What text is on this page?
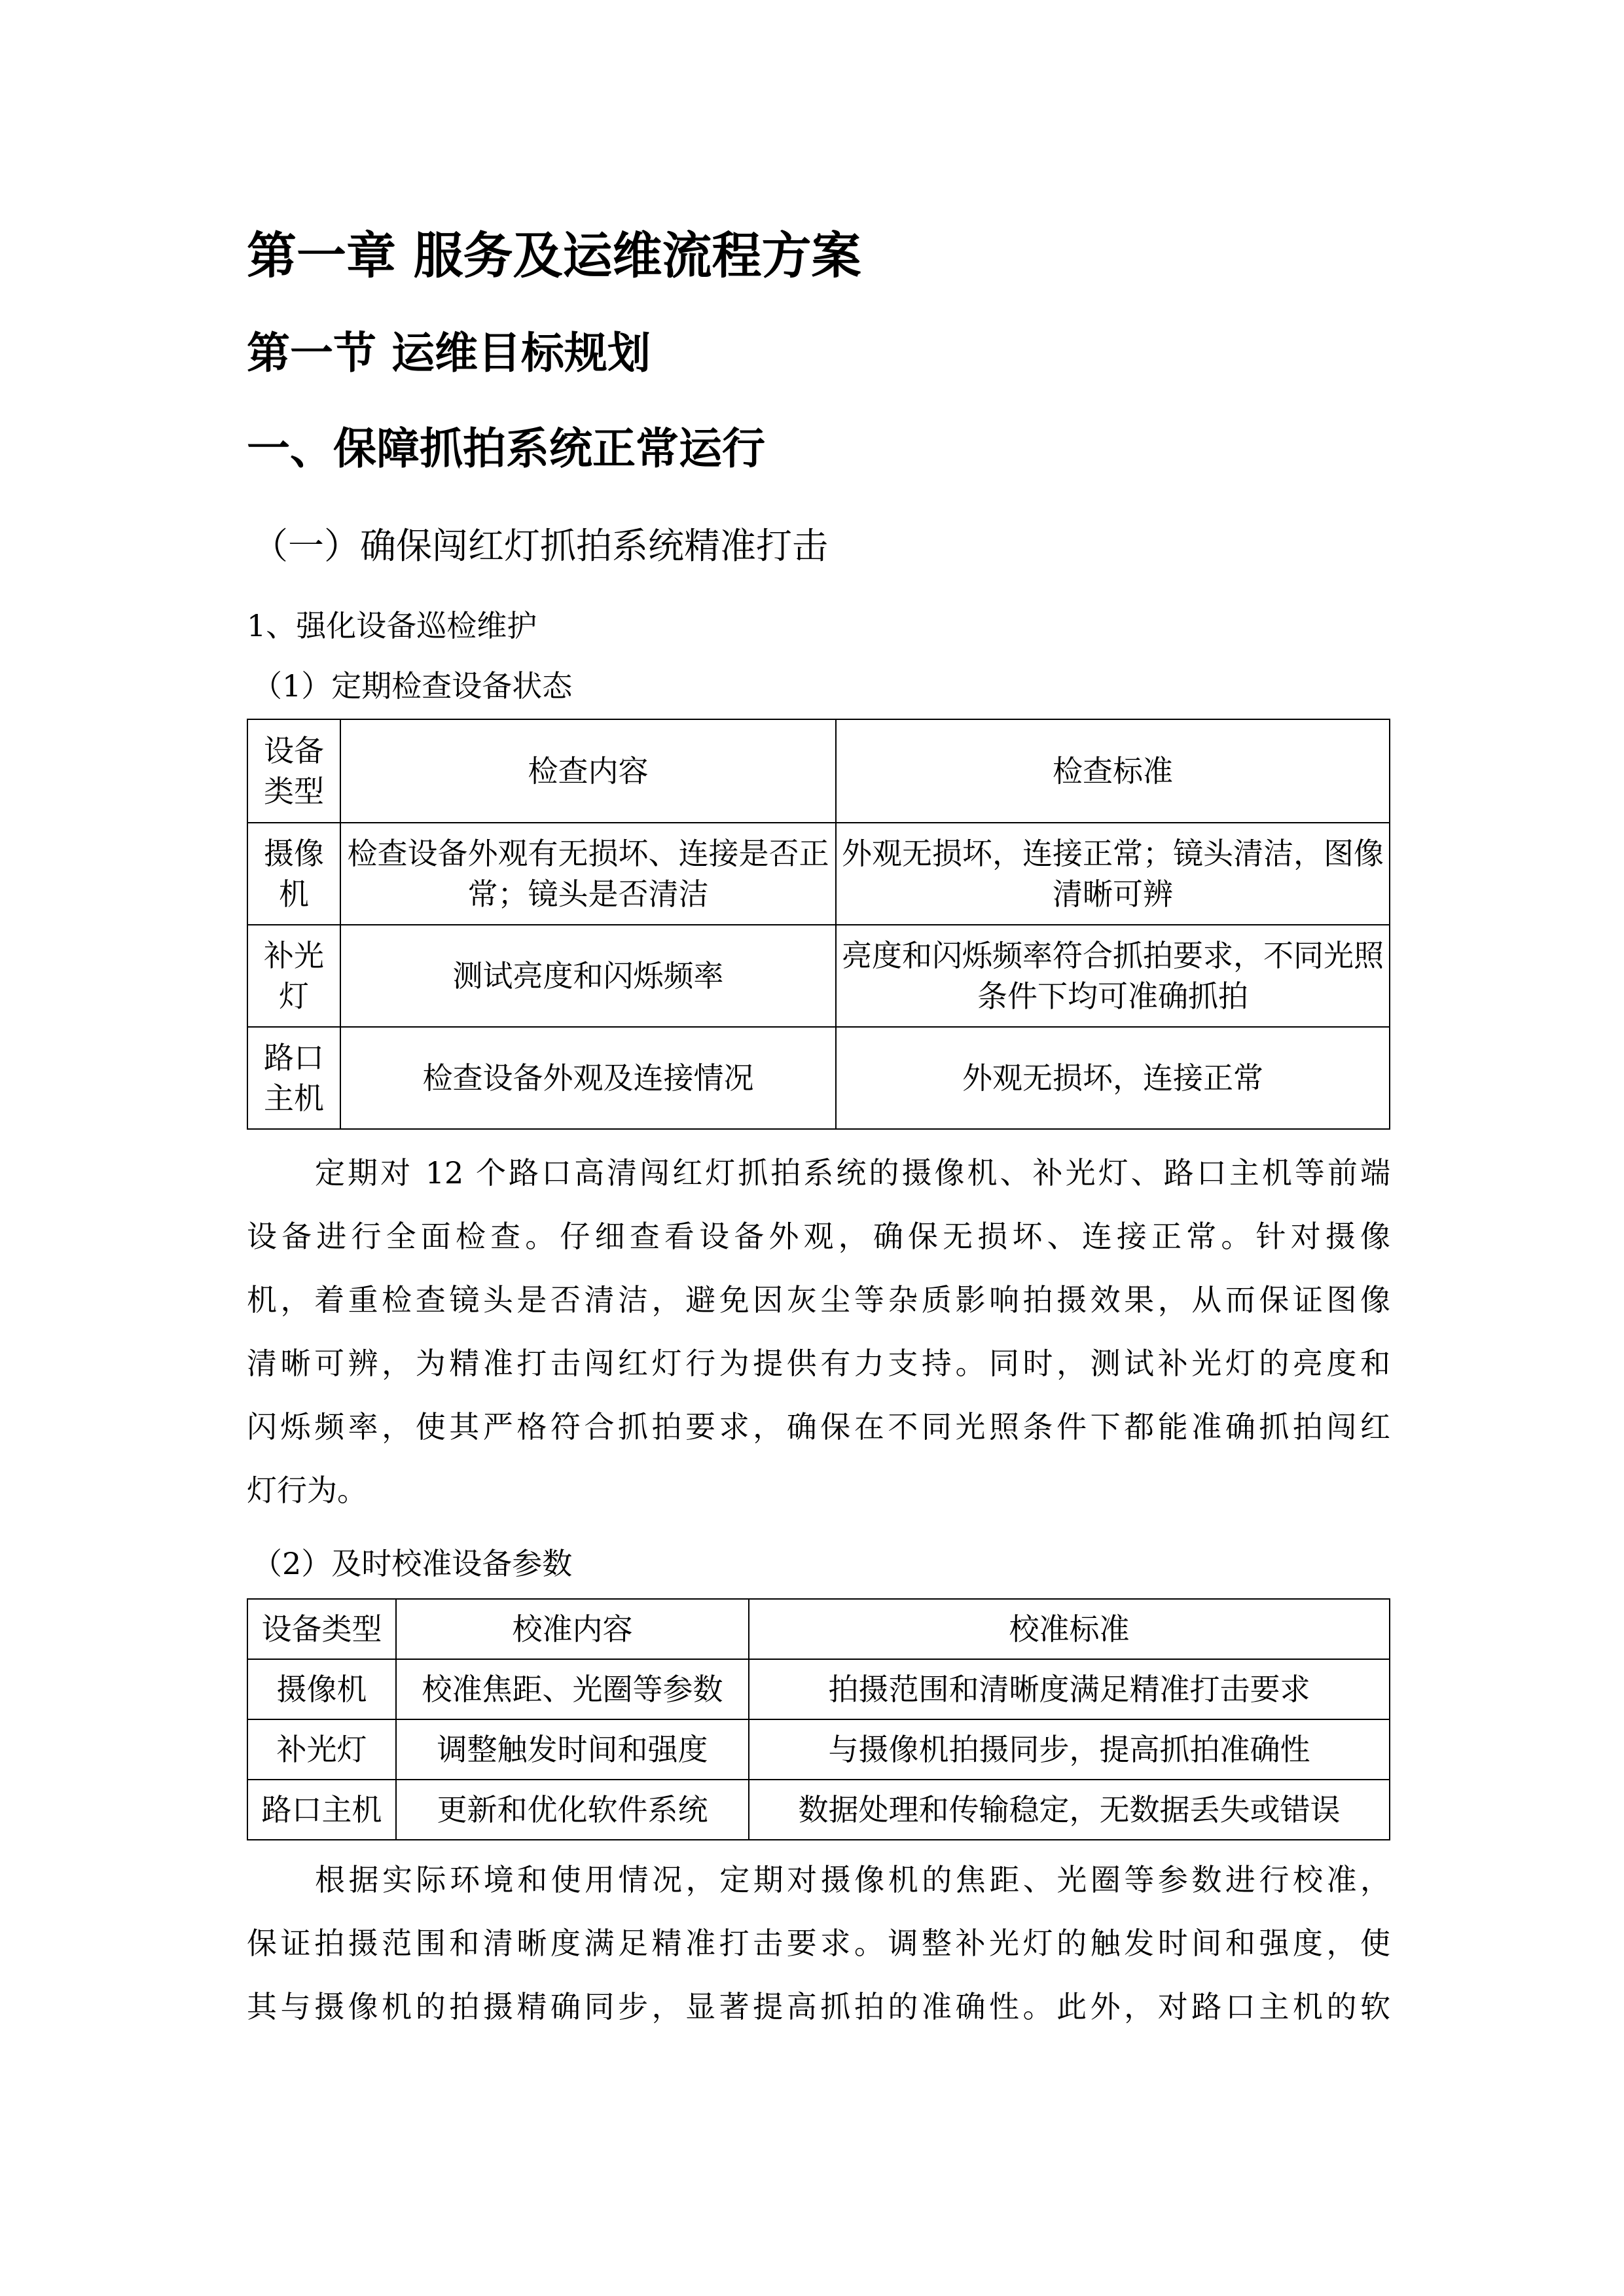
第一章 服务及运维流程方案
第一节 运维目标规划
一、保障抓拍系统正常运行
（一）确保闯红灯抓拍系统精准打击
1、强化设备巡检维护
（1）定期检查设备状态
设备类型	检查内容	检查标准
摄像机	检查设备外观有无损坏、连接是否正常；镜头是否清洁	外观无损坏，连接正常；镜头清洁，图像清晰可辨
补光灯	测试亮度和闪烁频率	亮度和闪烁频率符合抓拍要求，不同光照条件下均可准确抓拍
路口主机	检查设备外观及连接情况	外观无损坏，连接正常
定期对 12 个路口高清闯红灯抓拍系统的摄像机、补光灯、路口主机等前端
设备进行全面检查。仔细查看设备外观，确保无损坏、连接正常。针对摄像
机，着重检查镜头是否清洁，避免因灰尘等杂质影响拍摄效果，从而保证图像
清晰可辨，为精准打击闯红灯行为提供有力支持。同时，测试补光灯的亮度和
闪烁频率，使其严格符合抓拍要求，确保在不同光照条件下都能准确抓拍闯红
灯行为。
（2）及时校准设备参数
设备类型	校准内容	校准标准
摄像机	校准焦距、光圈等参数	拍摄范围和清晰度满足精准打击要求
补光灯	调整触发时间和强度	与摄像机拍摄同步，提高抓拍准确性
路口主机	更新和优化软件系统	数据处理和传输稳定，无数据丢失或错误
根据实际环境和使用情况，定期对摄像机的焦距、光圈等参数进行校准，
保证拍摄范围和清晰度满足精准打击要求。调整补光灯的触发时间和强度，使
其与摄像机的拍摄精确同步，显著提高抓拍的准确性。此外，对路口主机的软
